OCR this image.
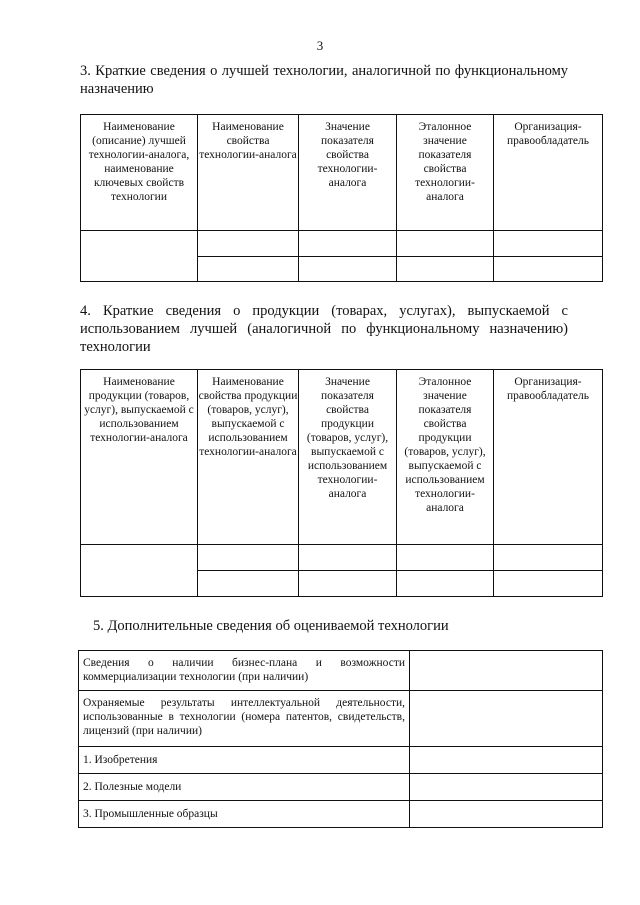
3
3. Краткие сведения о лучшей технологии, аналогичной по функциональному назначению
Наименование (описание) лучшей технологии-аналога, наименование ключевых свойств технологии	Наименование свойства технологии-аналога	Значение показателя свойства технологии-аналога	Эталонное значение показателя свойства технологии-аналога	Организация-правообладатель

4. Краткие сведения о продукции (товарах, услугах), выпускаемой с использованием лучшей (аналогичной по функциональному назначению) технологии
Наименование продукции (товаров, услуг), выпускаемой с использованием технологии-аналога	Наименование свойства продукции (товаров, услуг), выпускаемой с использованием технологии-аналога	Значение показателя свойства продукции (товаров, услуг), выпускаемой с использованием технологии-аналога	Эталонное значение показателя свойства продукции (товаров, услуг), выпускаемой с использованием технологии-аналога	Организация-правообладатель

5. Дополнительные сведения об оцениваемой технологии
Сведения о наличии бизнес-плана и возможности коммерциализации технологии (при наличии)	
Охраняемые результаты интеллектуальной деятельности, использованные в технологии (номера патентов, свидетельств, лицензий (при наличии)	
1. Изобретения	
2. Полезные модели	
3. Промышленные образцы	
